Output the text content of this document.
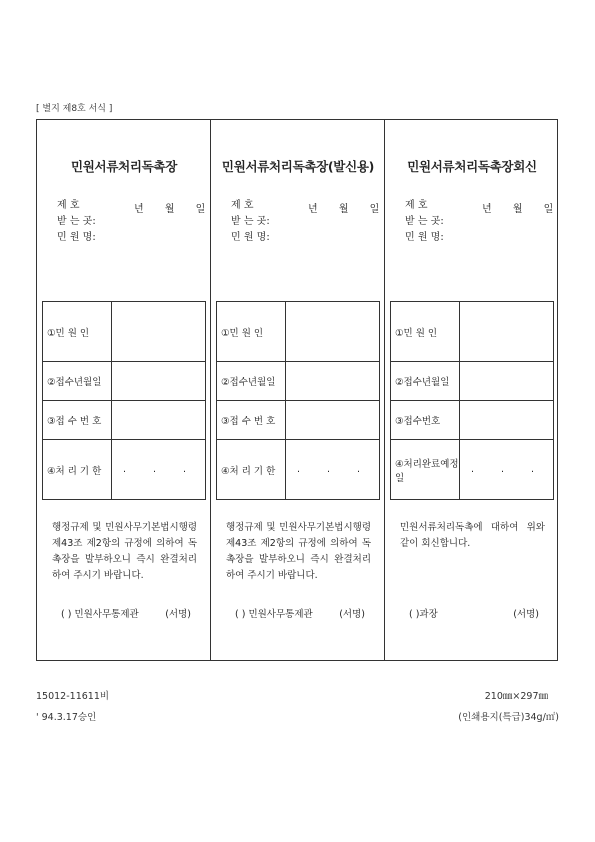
[ 별지 제8호 서식 ]
민원서류처리독촉장
제 호	년 월 일
받 는 곳:
민 원 명:
①민 원 인	
②접수년월일	
③접 수 번 호	
④처 리 기 한	. . .
행정규제 및 민원사무기본법시행령 제43조 제2항의 규정에 의하여 독촉장을 발부하오니 즉시 완결처리하여 주시기 바랍니다.
( ) 민원사무통제관	(서명)
민원서류처리독촉장(발신용)
제 호	년 월 일
받 는 곳:
민 원 명:
①민 원 인	
②접수년월일	
③접 수 번 호	
④처 리 기 한	. . .
행정규제 및 민원사무기본법시행령 제43조 제2항의 규정에 의하여 독촉장을 발부하오니 즉시 완결처리하여 주시기 바랍니다.
( ) 민원사무통제관	(서명)
민원서류처리독촉장회신
제 호	년 월 일
받 는 곳:
민 원 명:
①민 원 인	
②접수년월일	
③접수번호	
④처리완료예정일	. . .
민원서류처리독촉에 대하여 위와 같이 회신합니다.
( )과장	(서명)
15012-11611비
' 94.3.17승인
210㎜×297㎜
(인쇄용지(특급)34g/㎡)
